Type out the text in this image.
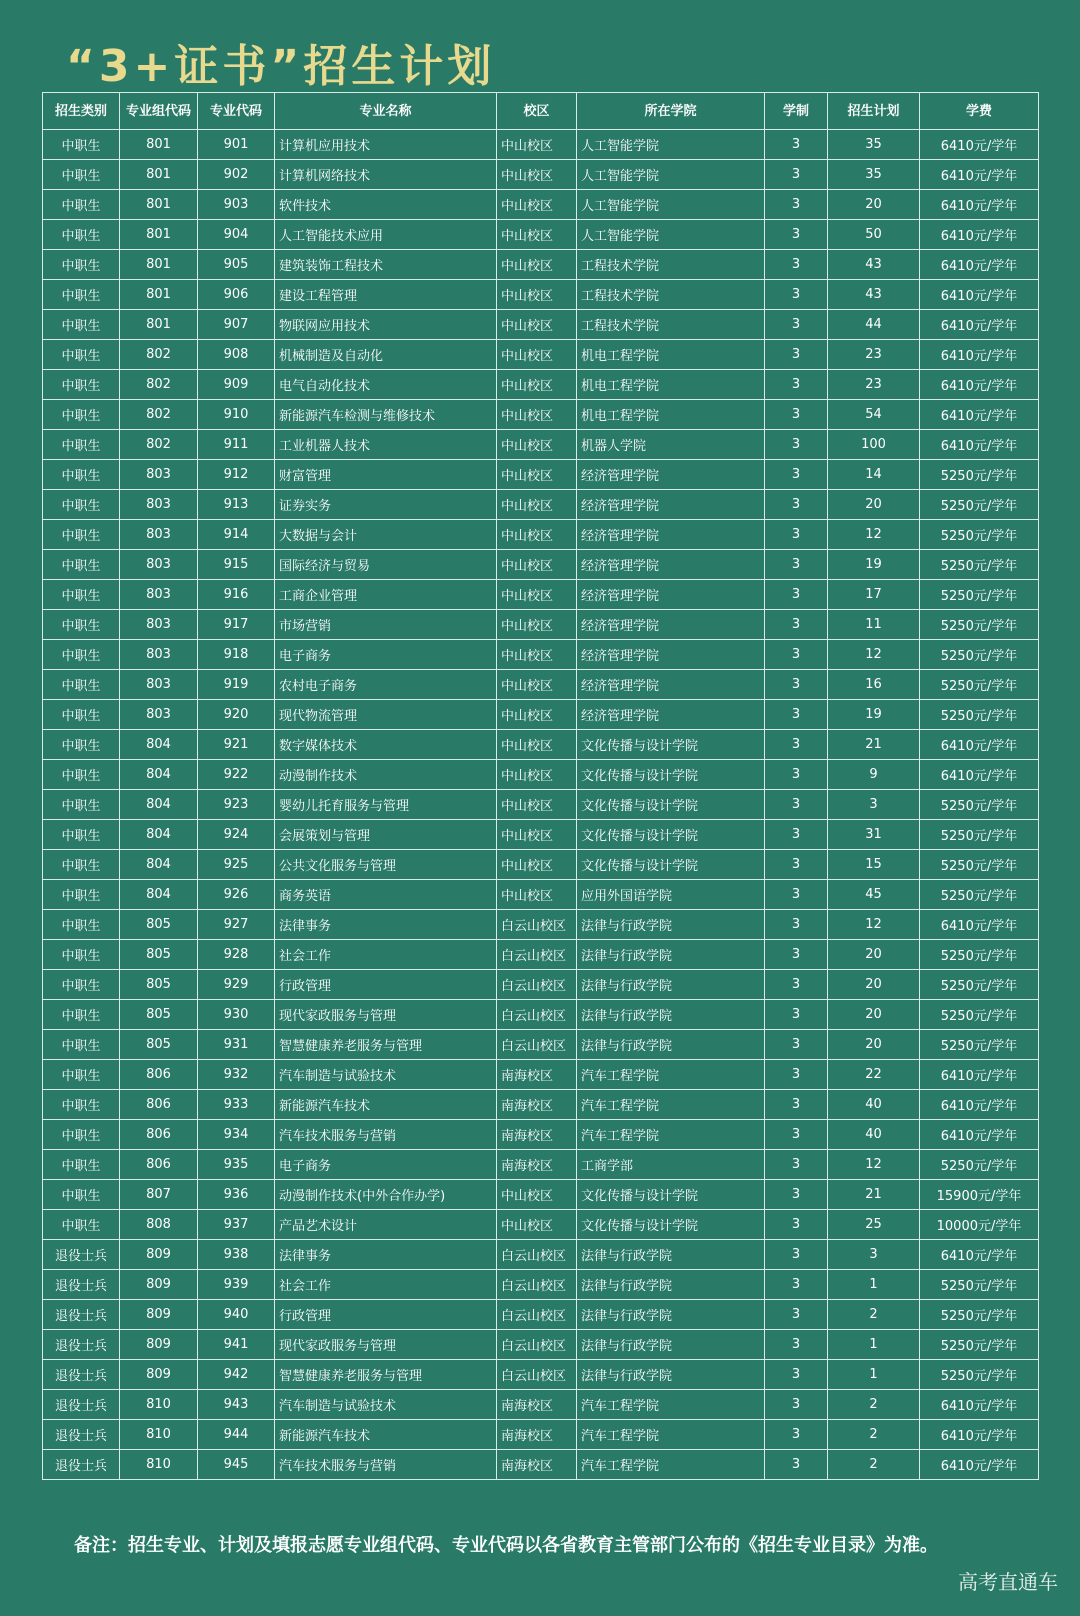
“3+证书”招生计划
招生类别	专业组代码	专业代码	专业名称	校区	所在学院	学制	招生计划	学费
中职生	801	901	计算机应用技术	中山校区	人工智能学院	3	35	6410元/学年
中职生	801	902	计算机网络技术	中山校区	人工智能学院	3	35	6410元/学年
中职生	801	903	软件技术	中山校区	人工智能学院	3	20	6410元/学年
中职生	801	904	人工智能技术应用	中山校区	人工智能学院	3	50	6410元/学年
中职生	801	905	建筑装饰工程技术	中山校区	工程技术学院	3	43	6410元/学年
中职生	801	906	建设工程管理	中山校区	工程技术学院	3	43	6410元/学年
中职生	801	907	物联网应用技术	中山校区	工程技术学院	3	44	6410元/学年
中职生	802	908	机械制造及自动化	中山校区	机电工程学院	3	23	6410元/学年
中职生	802	909	电气自动化技术	中山校区	机电工程学院	3	23	6410元/学年
中职生	802	910	新能源汽车检测与维修技术	中山校区	机电工程学院	3	54	6410元/学年
中职生	802	911	工业机器人技术	中山校区	机器人学院	3	100	6410元/学年
中职生	803	912	财富管理	中山校区	经济管理学院	3	14	5250元/学年
中职生	803	913	证券实务	中山校区	经济管理学院	3	20	5250元/学年
中职生	803	914	大数据与会计	中山校区	经济管理学院	3	12	5250元/学年
中职生	803	915	国际经济与贸易	中山校区	经济管理学院	3	19	5250元/学年
中职生	803	916	工商企业管理	中山校区	经济管理学院	3	17	5250元/学年
中职生	803	917	市场营销	中山校区	经济管理学院	3	11	5250元/学年
中职生	803	918	电子商务	中山校区	经济管理学院	3	12	5250元/学年
中职生	803	919	农村电子商务	中山校区	经济管理学院	3	16	5250元/学年
中职生	803	920	现代物流管理	中山校区	经济管理学院	3	19	5250元/学年
中职生	804	921	数字媒体技术	中山校区	文化传播与设计学院	3	21	6410元/学年
中职生	804	922	动漫制作技术	中山校区	文化传播与设计学院	3	9	6410元/学年
中职生	804	923	婴幼儿托育服务与管理	中山校区	文化传播与设计学院	3	3	5250元/学年
中职生	804	924	会展策划与管理	中山校区	文化传播与设计学院	3	31	5250元/学年
中职生	804	925	公共文化服务与管理	中山校区	文化传播与设计学院	3	15	5250元/学年
中职生	804	926	商务英语	中山校区	应用外国语学院	3	45	5250元/学年
中职生	805	927	法律事务	白云山校区	法律与行政学院	3	12	6410元/学年
中职生	805	928	社会工作	白云山校区	法律与行政学院	3	20	5250元/学年
中职生	805	929	行政管理	白云山校区	法律与行政学院	3	20	5250元/学年
中职生	805	930	现代家政服务与管理	白云山校区	法律与行政学院	3	20	5250元/学年
中职生	805	931	智慧健康养老服务与管理	白云山校区	法律与行政学院	3	20	5250元/学年
中职生	806	932	汽车制造与试验技术	南海校区	汽车工程学院	3	22	6410元/学年
中职生	806	933	新能源汽车技术	南海校区	汽车工程学院	3	40	6410元/学年
中职生	806	934	汽车技术服务与营销	南海校区	汽车工程学院	3	40	6410元/学年
中职生	806	935	电子商务	南海校区	工商学部	3	12	5250元/学年
中职生	807	936	动漫制作技术(中外合作办学)	中山校区	文化传播与设计学院	3	21	15900元/学年
中职生	808	937	产品艺术设计	中山校区	文化传播与设计学院	3	25	10000元/学年
退役士兵	809	938	法律事务	白云山校区	法律与行政学院	3	3	6410元/学年
退役士兵	809	939	社会工作	白云山校区	法律与行政学院	3	1	5250元/学年
退役士兵	809	940	行政管理	白云山校区	法律与行政学院	3	2	5250元/学年
退役士兵	809	941	现代家政服务与管理	白云山校区	法律与行政学院	3	1	5250元/学年
退役士兵	809	942	智慧健康养老服务与管理	白云山校区	法律与行政学院	3	1	5250元/学年
退役士兵	810	943	汽车制造与试验技术	南海校区	汽车工程学院	3	2	6410元/学年
退役士兵	810	944	新能源汽车技术	南海校区	汽车工程学院	3	2	6410元/学年
退役士兵	810	945	汽车技术服务与营销	南海校区	汽车工程学院	3	2	6410元/学年
备注：招生专业、计划及填报志愿专业组代码、专业代码以各省教育主管部门公布的《招生专业目录》为准。
高考直通车
